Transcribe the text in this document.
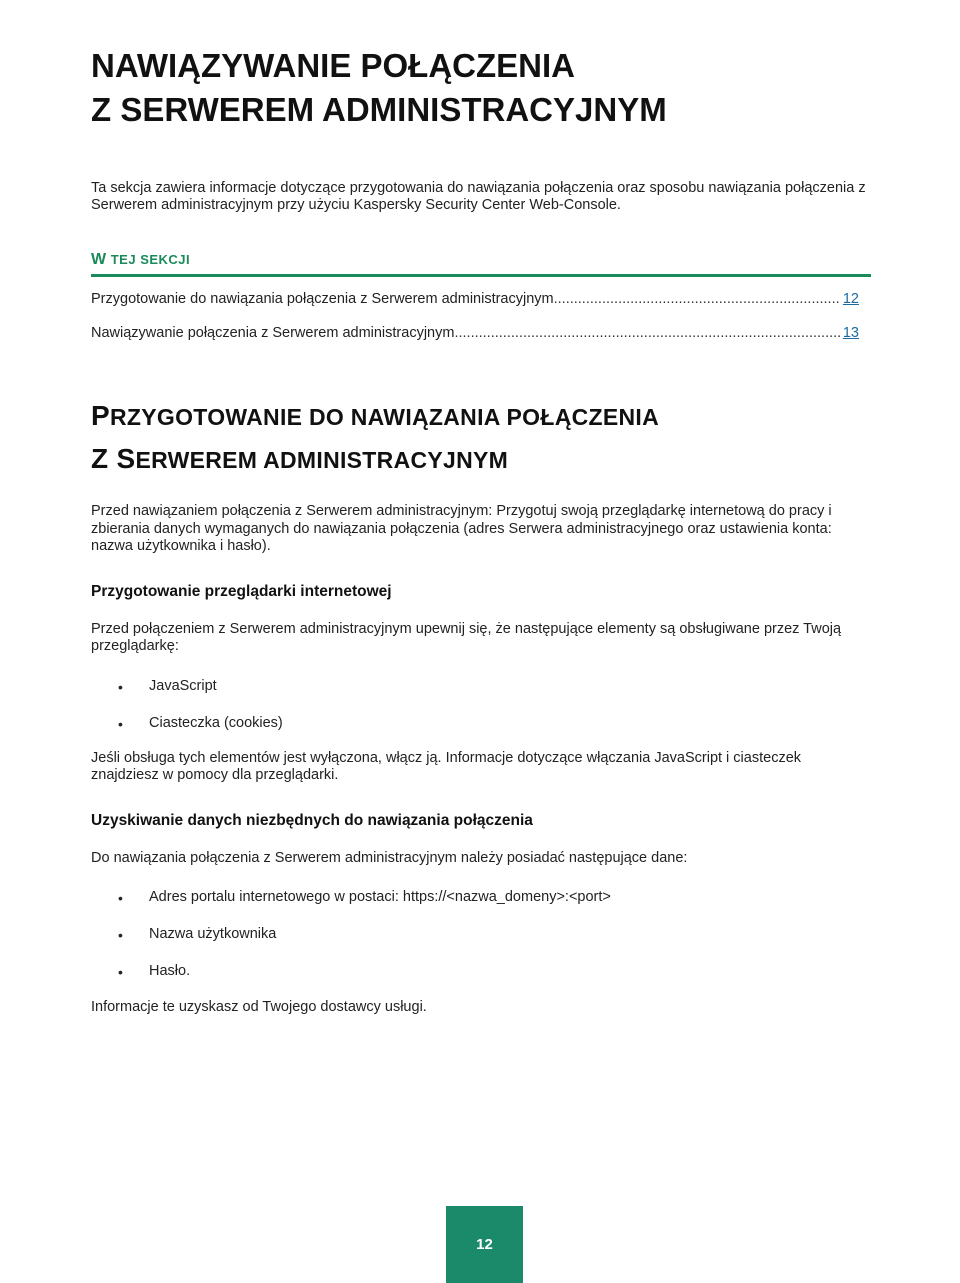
NAWIĄZYWANIE POŁĄCZENIA
Z SERWEREM ADMINISTRACYJNYM

Ta sekcja zawiera informacje dotyczące przygotowania do nawiązania połączenia oraz sposobu nawiązania połączenia z Serwerem administracyjnym przy użyciu Kaspersky Security Center Web-Console.

W TEJ SEKCJI
Przygotowanie do nawiązania połączenia z Serwerem administracyjnym .....	12
Nawiązywanie połączenia z Serwerem administracyjnym .....	13
PRZYGOTOWANIE DO NAWIĄZANIA POŁĄCZENIA
Z SERWEREM ADMINISTRACYJNYM

Przed nawiązaniem połączenia z Serwerem administracyjnym: Przygotuj swoją przeglądarkę internetową do pracy i zbierania danych wymaganych do nawiązania połączenia (adres Serwera administracyjnego oraz ustawienia konta: nazwa użytkownika i hasło).

Przygotowanie przeglądarki internetowej

Przed połączeniem z Serwerem administracyjnym upewnij się, że następujące elementy są obsługiwane przez Twoją przeglądarkę:

• JavaScript
• Ciasteczka (cookies)

Jeśli obsługa tych elementów jest wyłączona, włącz ją. Informacje dotyczące włączania JavaScript i ciasteczek znajdziesz w pomocy dla przeglądarki.

Uzyskiwanie danych niezbędnych do nawiązania połączenia

Do nawiązania połączenia z Serwerem administracyjnym należy posiadać następujące dane:

• Adres portalu internetowego w postaci: https://<nazwa_domeny>:<port>
• Nazwa użytkownika
• Hasło.

Informacje te uzyskasz od Twojego dostawcy usługi.

12
